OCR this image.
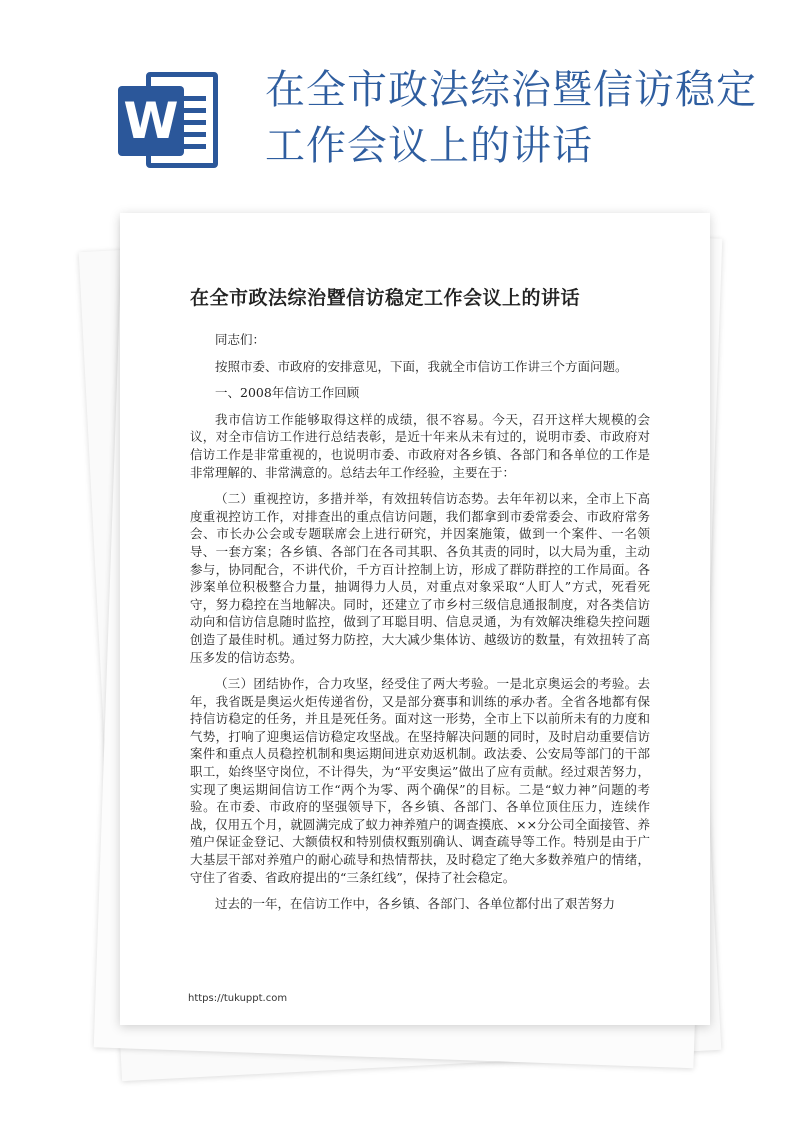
W
在全市政法综治暨信访稳定工作会议上的讲话
在全市政法综治暨信访稳定工作会议上的讲话

同志们：

按照市委、市政府的安排意见，下面，我就全市信访工作讲三个方面问题。

一、2008年信访工作回顾

我市信访工作能够取得这样的成绩，很不容易。今天，召开这样大规模的会议，对全市信访工作进行总结表彰，是近十年来从未有过的，说明市委、市政府对信访工作是非常重视的，也说明市委、市政府对各乡镇、各部门和各单位的工作是非常理解的、非常满意的。总结去年工作经验，主要在于：

（二）重视控访，多措并举，有效扭转信访态势。去年年初以来，全市上下高度重视控访工作，对排查出的重点信访问题，我们都拿到市委常委会、市政府常务会、市长办公会或专题联席会上进行研究，并因案施策，做到一个案件、一名领导、一套方案；各乡镇、各部门在各司其职、各负其责的同时，以大局为重，主动参与，协同配合，不讲代价，千方百计控制上访，形成了群防群控的工作局面。各涉案单位积极整合力量，抽调得力人员，对重点对象采取“人盯人”方式，死看死守，努力稳控在当地解决。同时，还建立了市乡村三级信息通报制度，对各类信访动向和信访信息随时监控，做到了耳聪目明、信息灵通，为有效解决维稳失控问题创造了最佳时机。通过努力防控，大大减少集体访、越级访的数量，有效扭转了高压多发的信访态势。

（三）团结协作，合力攻坚，经受住了两大考验。一是北京奥运会的考验。去年，我省既是奥运火炬传递省份，又是部分赛事和训练的承办者。全省各地都有保持信访稳定的任务，并且是死任务。面对这一形势，全市上下以前所未有的力度和气势，打响了迎奥运信访稳定攻坚战。在坚持解决问题的同时，及时启动重要信访案件和重点人员稳控机制和奥运期间进京劝返机制。政法委、公安局等部门的干部职工，始终坚守岗位，不计得失，为“平安奥运”做出了应有贡献。经过艰苦努力，实现了奥运期间信访工作“两个为零、两个确保”的目标。二是“蚁力神”问题的考验。在市委、市政府的坚强领导下，各乡镇、各部门、各单位顶住压力，连续作战，仅用五个月，就圆满完成了蚁力神养殖户的调查摸底、××分公司全面接管、养殖户保证金登记、大额债权和特别债权甄别确认、调查疏导等工作。特别是由于广大基层干部对养殖户的耐心疏导和热情帮扶，及时稳定了绝大多数养殖户的情绪，守住了省委、省政府提出的“三条红线”，保持了社会稳定。

过去的一年，在信访工作中，各乡镇、各部门、各单位都付出了艰苦努力

https://tukuppt.com
